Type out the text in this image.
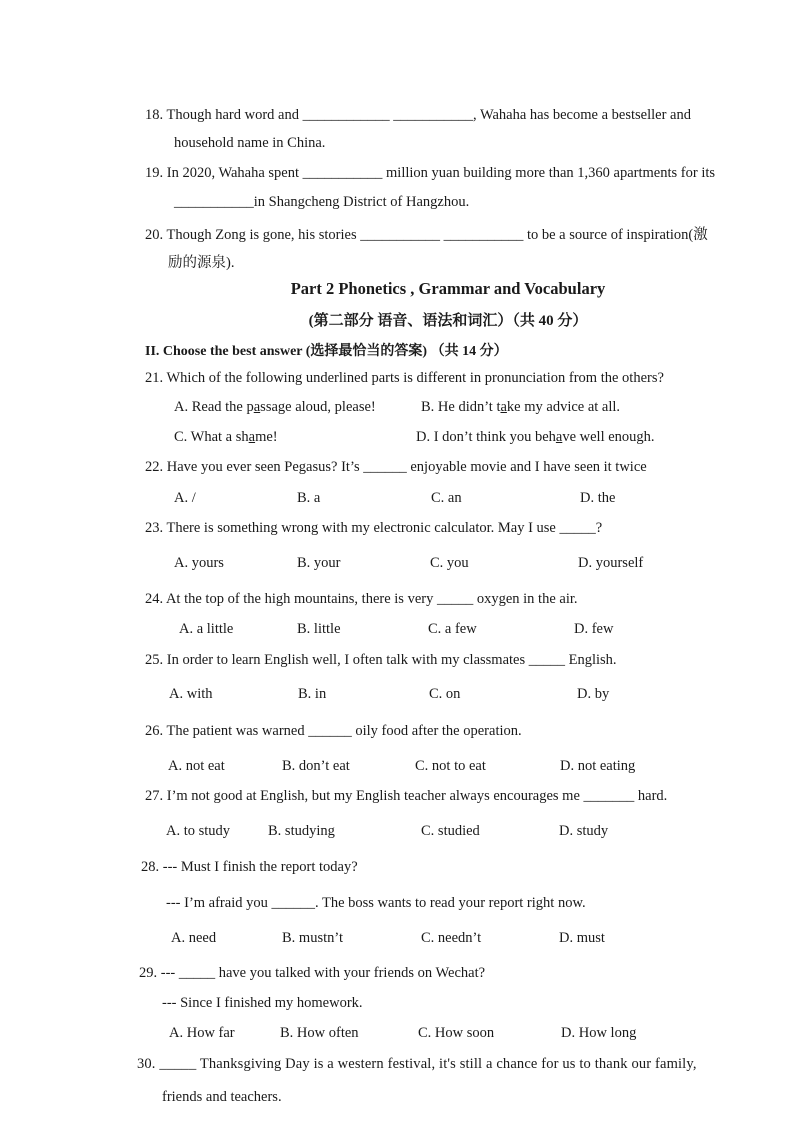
18. Though hard word and ____________ ___________, Wahaha has become a bestseller and
household name in China.
19. In 2020, Wahaha spent ___________ million yuan building more than 1,360 apartments for its
___________in Shangcheng District of Hangzhou.
20. Though Zong is gone, his stories ___________ ___________ to be a source of inspiration(激
励的源泉).
Part 2 Phonetics , Grammar and Vocabulary
(第二部分 语音、语法和词汇）（共 40 分）
II. Choose the best answer (选择最恰当的答案) （共 14 分）
21. Which of the following underlined parts is different in pronunciation from the others?
A. Read the passage aloud, please!	B. He didn’t take my advice at all.
C. What a shame!	D. I don’t think you behave well enough.
22. Have you ever seen Pegasus? It’s ______ enjoyable movie and I have seen it twice
A. /	B. a	C. an	D. the
23. There is something wrong with my electronic calculator. May I use _____?
A. yours	B. your	C. you	D. yourself
24. At the top of the high mountains, there is very _____ oxygen in the air.
A. a little	B. little	C. a few	D. few
25. In order to learn English well, I often talk with my classmates _____ English.
A. with	B. in	C. on	D. by
26. The patient was warned ______ oily food after the operation.
A. not eat	B. don’t eat	C. not to eat	D. not eating
27. I’m not good at English, but my English teacher always encourages me _______ hard.
A. to study	B. studying	C. studied	D. study
28. --- Must I finish the report today?
--- I’m afraid you ______. The boss wants to read your report right now.
A. need	B. mustn’t	C. needn’t	D. must
29. --- _____ have you talked with your friends on Wechat?
--- Since I finished my homework.
A. How far	B. How often	C. How soon	D. How long
30. _____ Thanksgiving Day is a western festival, it's still a chance for us to thank our family,
friends and teachers.
